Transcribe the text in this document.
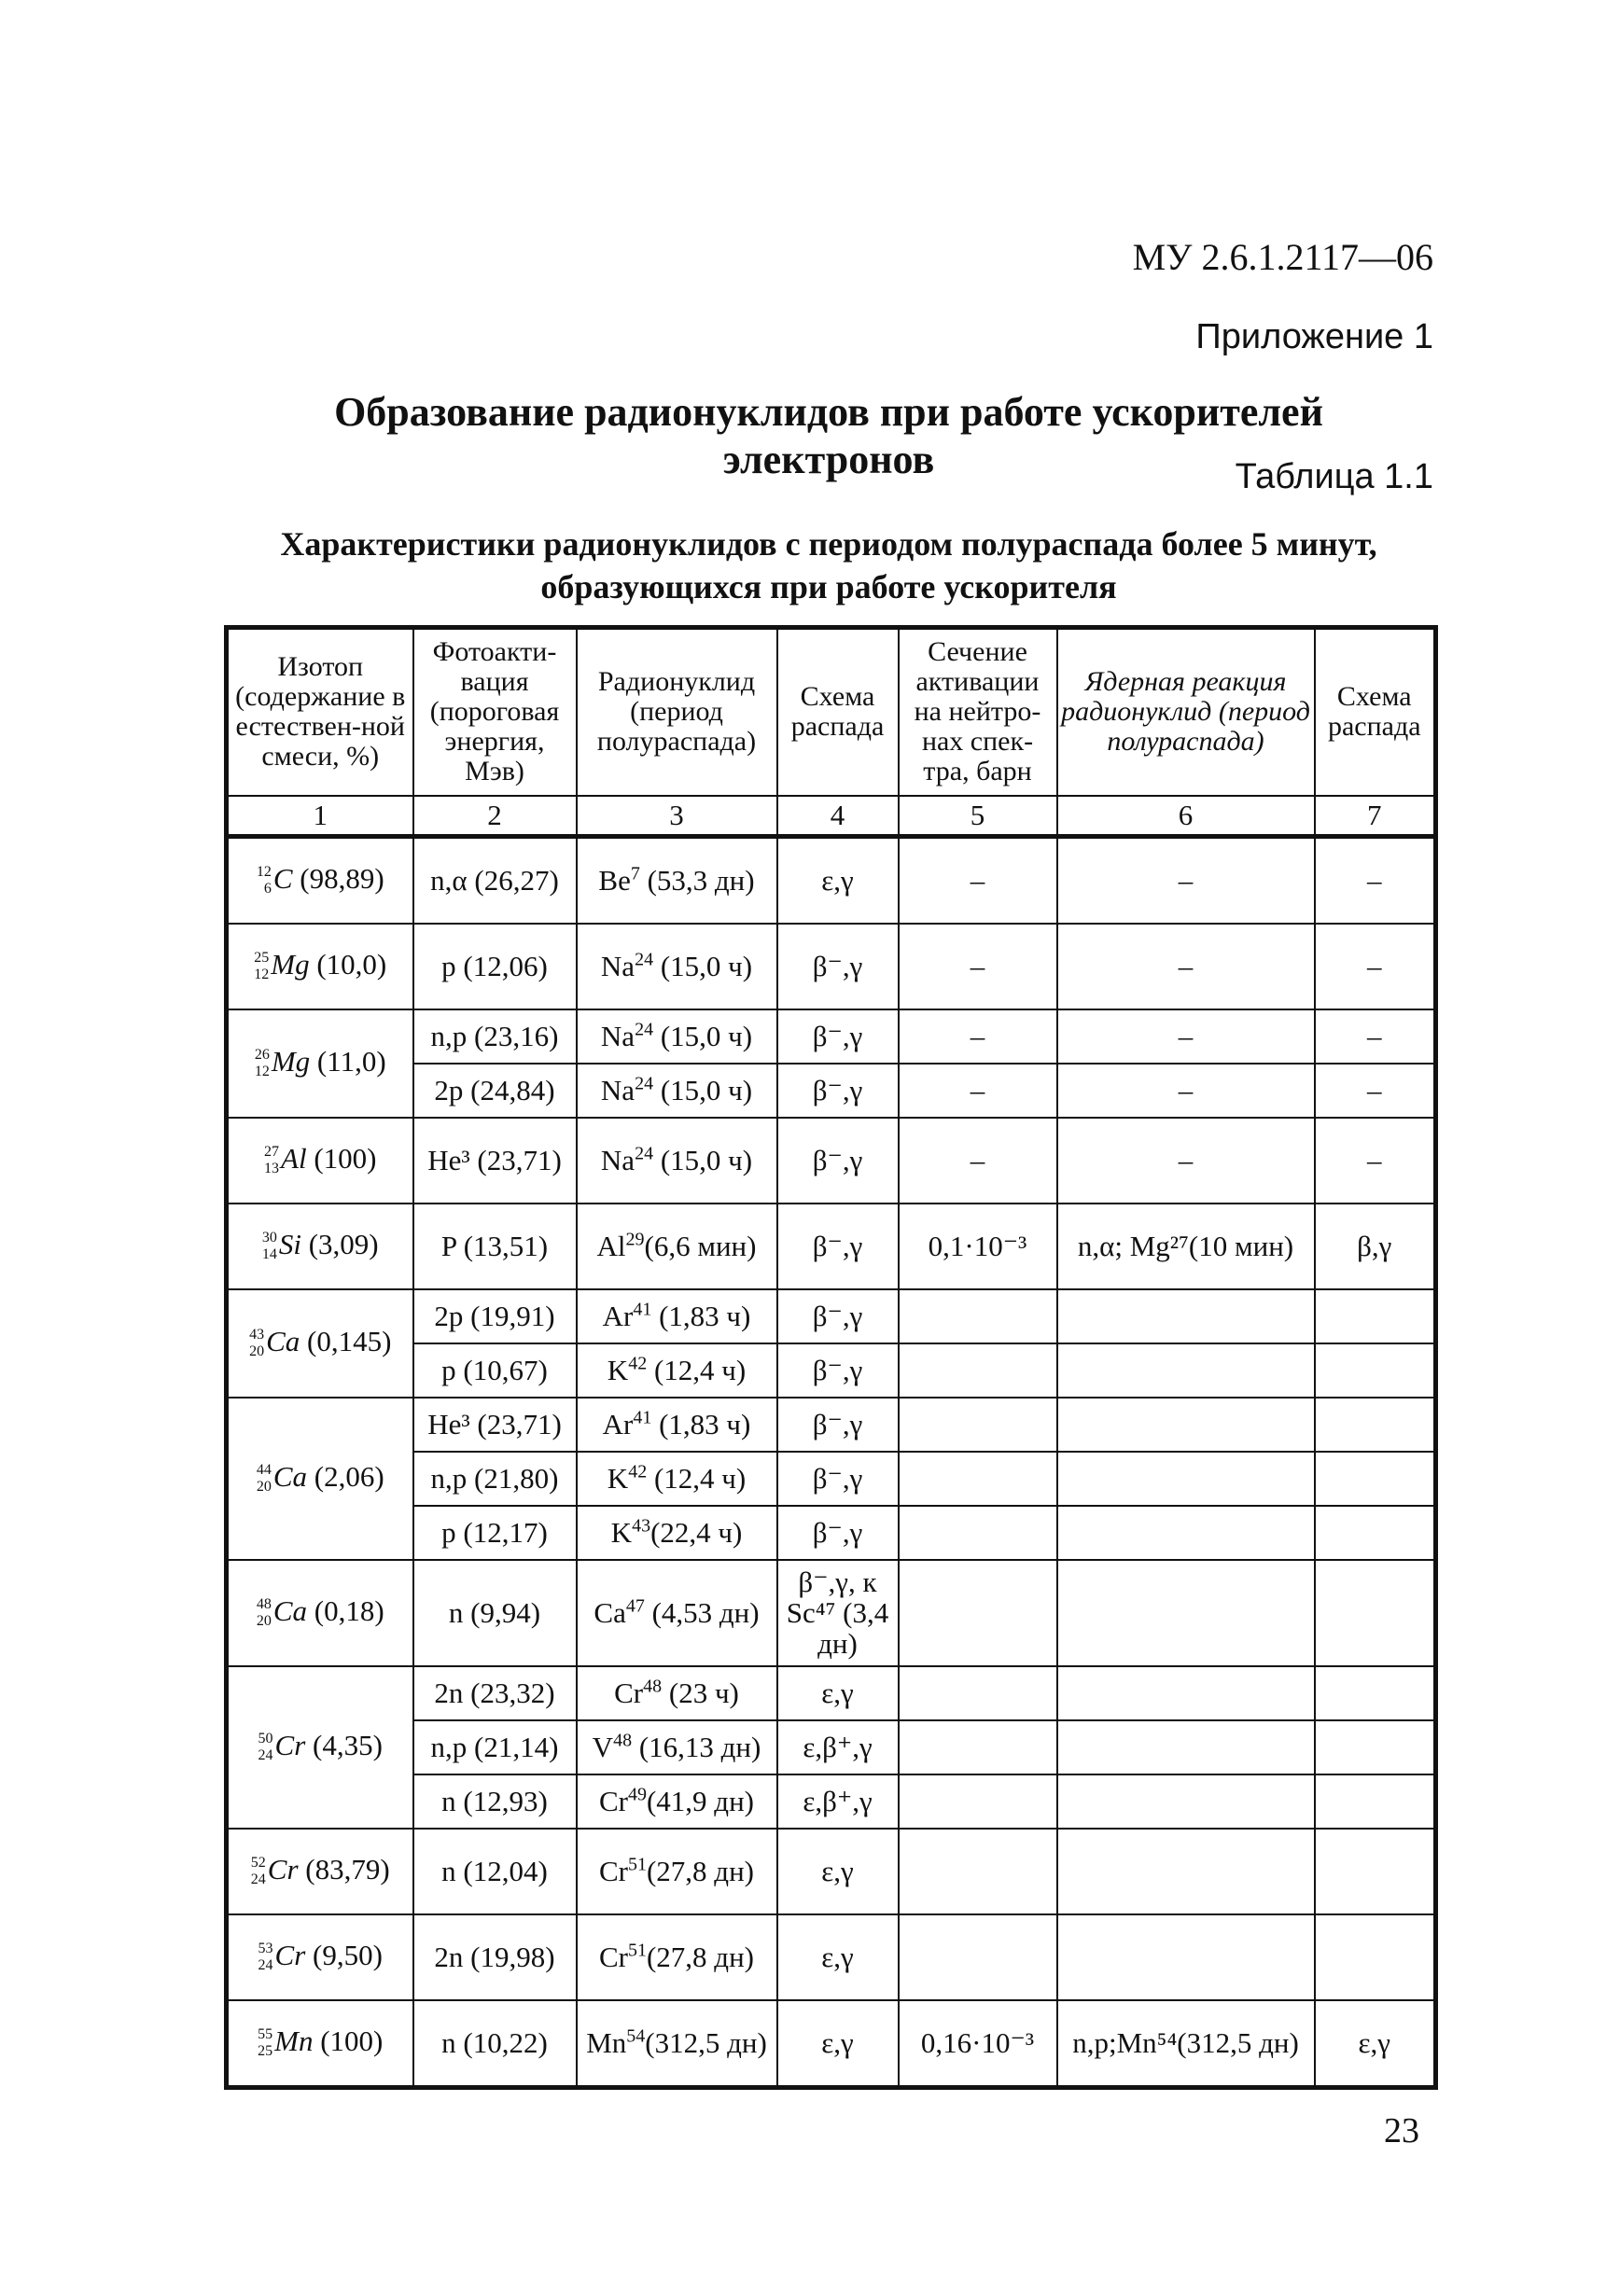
МУ 2.6.1.2117—06
Приложение 1
Образование радионуклидов при работе ускорителей электронов	Таблица 1.1
Характеристики радионуклидов с периодом полураспада более 5 минут,
образующихся при работе ускорителя
Изотоп (содержание в естествен-ной смеси, %)	Фотоакти-вация (пороговая энергия, Мэв)	Радионуклид (период полураспада)	Схема распада	Сечение активации на нейтро-нах спек-тра, барн	Ядерная реакция радионуклид (период полураспада)	Схема распада
1	2	3	4	5	6	7

12
6 C (98,89)	n,α (26,27)	Be$^7$ (53,3 дн)	ε,γ	–	–	–

25
12 Mg (10,0)	p (12,06)	Na$^{24}$ (15,0 ч)	β⁻,γ	–	–	–

26
12 Mg (11,0)	n,p (23,16)	Na$^{24}$ (15,0 ч)	β⁻,γ	–	–	–
	2p (24,84)	Na$^{24}$ (15,0 ч)	β⁻,γ	–	–	–

27
13 Al (100)	He³ (23,71)	Na$^{24}$ (15,0 ч)	β⁻,γ	–	–	–

30
14 Si (3,09)	P (13,51)	Al$^{29}$(6,6 мин)	β⁻,γ	0,1·10⁻³	n,α; Mg²⁷(10 мин)	β,γ

43
20 Ca (0,145)	2p (19,91)	Ar$^{41}$ (1,83 ч)	β⁻,γ			
	p (10,67)	$K^{42}$ (12,4 ч)	β⁻,γ			

44
20 Ca (2,06)	He³ (23,71)	Ar$^{41}$ (1,83 ч)	β⁻,γ			
	n,p (21,80)	$K^{42}$ (12,4 ч)	β⁻,γ			
	p (12,17)	$K^{43}(22,4$ ч)	β⁻,γ			

48
20 Ca (0,18)	n (9,94)	Ca$^{47}$ (4,53 дн)	β⁻,γ, к Sc⁴⁷ (3,4 дн)			

50
24 Cr (4,35)	2n (23,32)	Cr$^{48}$ (23 ч)	ε,γ			
	n,p (21,14)	$V^{48}$ (16,13 дн)	ε,β⁺,γ			
	n (12,93)	Cr$^{49}$(41,9 дн)	ε,β⁺,γ			

52
24 Cr (83,79)	n (12,04)	Cr$^{51}$(27,8 дн)	ε,γ			

53
24 Cr (9,50)	2n (19,98)	Cr$^{51}$(27,8 дн)	ε,γ			

55
25 Mn (100)	n (10,22)	Mn$^{54}$(312,5 дн)	ε,γ	0,16·10⁻³	n,p;Mn⁵⁴(312,5 дн)	ε,γ
23
